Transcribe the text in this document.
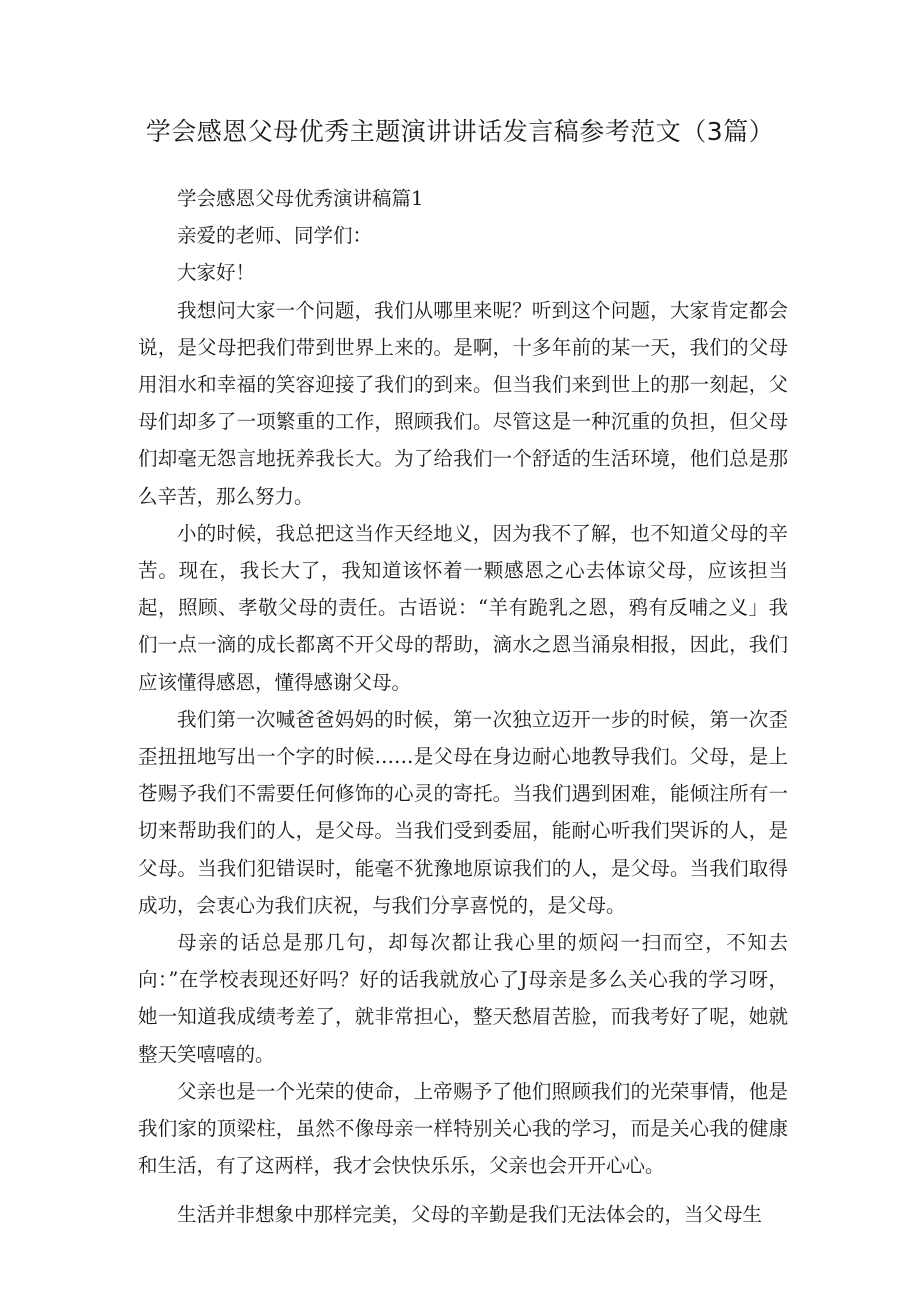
学会感恩父母优秀主题演讲讲话发言稿参考范文（3篇）

学会感恩父母优秀演讲稿篇1

亲爱的老师、同学们：

大家好！

我想问大家一个问题，我们从哪里来呢？听到这个问题，大家肯定都会说，是父母把我们带到世界上来的。是啊，十多年前的某一天，我们的父母用泪水和幸福的笑容迎接了我们的到来。但当我们来到世上的那一刻起，父母们却多了一项繁重的工作，照顾我们。尽管这是一种沉重的负担，但父母们却毫无怨言地抚养我长大。为了给我们一个舒适的生活环境，他们总是那么辛苦，那么努力。

小的时候，我总把这当作天经地义，因为我不了解，也不知道父母的辛苦。现在，我长大了，我知道该怀着一颗感恩之心去体谅父母，应该担当起，照顾、孝敬父母的责任。古语说：“羊有跪乳之恩，鸦有反哺之义」我们一点一滴的成长都离不开父母的帮助，滴水之恩当涌泉相报，因此，我们应该懂得感恩，懂得感谢父母。

我们第一次喊爸爸妈妈的时候，第一次独立迈开一步的时候，第一次歪歪扭扭地写出一个字的时候……是父母在身边耐心地教导我们。父母，是上苍赐予我们不需要任何修饰的心灵的寄托。当我们遇到困难，能倾注所有一切来帮助我们的人，是父母。当我们受到委屈，能耐心听我们哭诉的人，是父母。当我们犯错误时，能毫不犹豫地原谅我们的人，是父母。当我们取得成功，会衷心为我们庆祝，与我们分享喜悦的，是父母。

母亲的话总是那几句，却每次都让我心里的烦闷一扫而空，不知去向：”在学校表现还好吗？好的话我就放心了J母亲是多么关心我的学习呀，她一知道我成绩考差了，就非常担心，整天愁眉苦脸，而我考好了呢，她就整天笑嘻嘻的。

父亲也是一个光荣的使命，上帝赐予了他们照顾我们的光荣事情，他是我们家的顶梁柱，虽然不像母亲一样特别关心我的学习，而是关心我的健康和生活，有了这两样，我才会快快乐乐，父亲也会开开心心。

生活并非想象中那样完美，父母的辛勤是我们无法体会的，当父母生
